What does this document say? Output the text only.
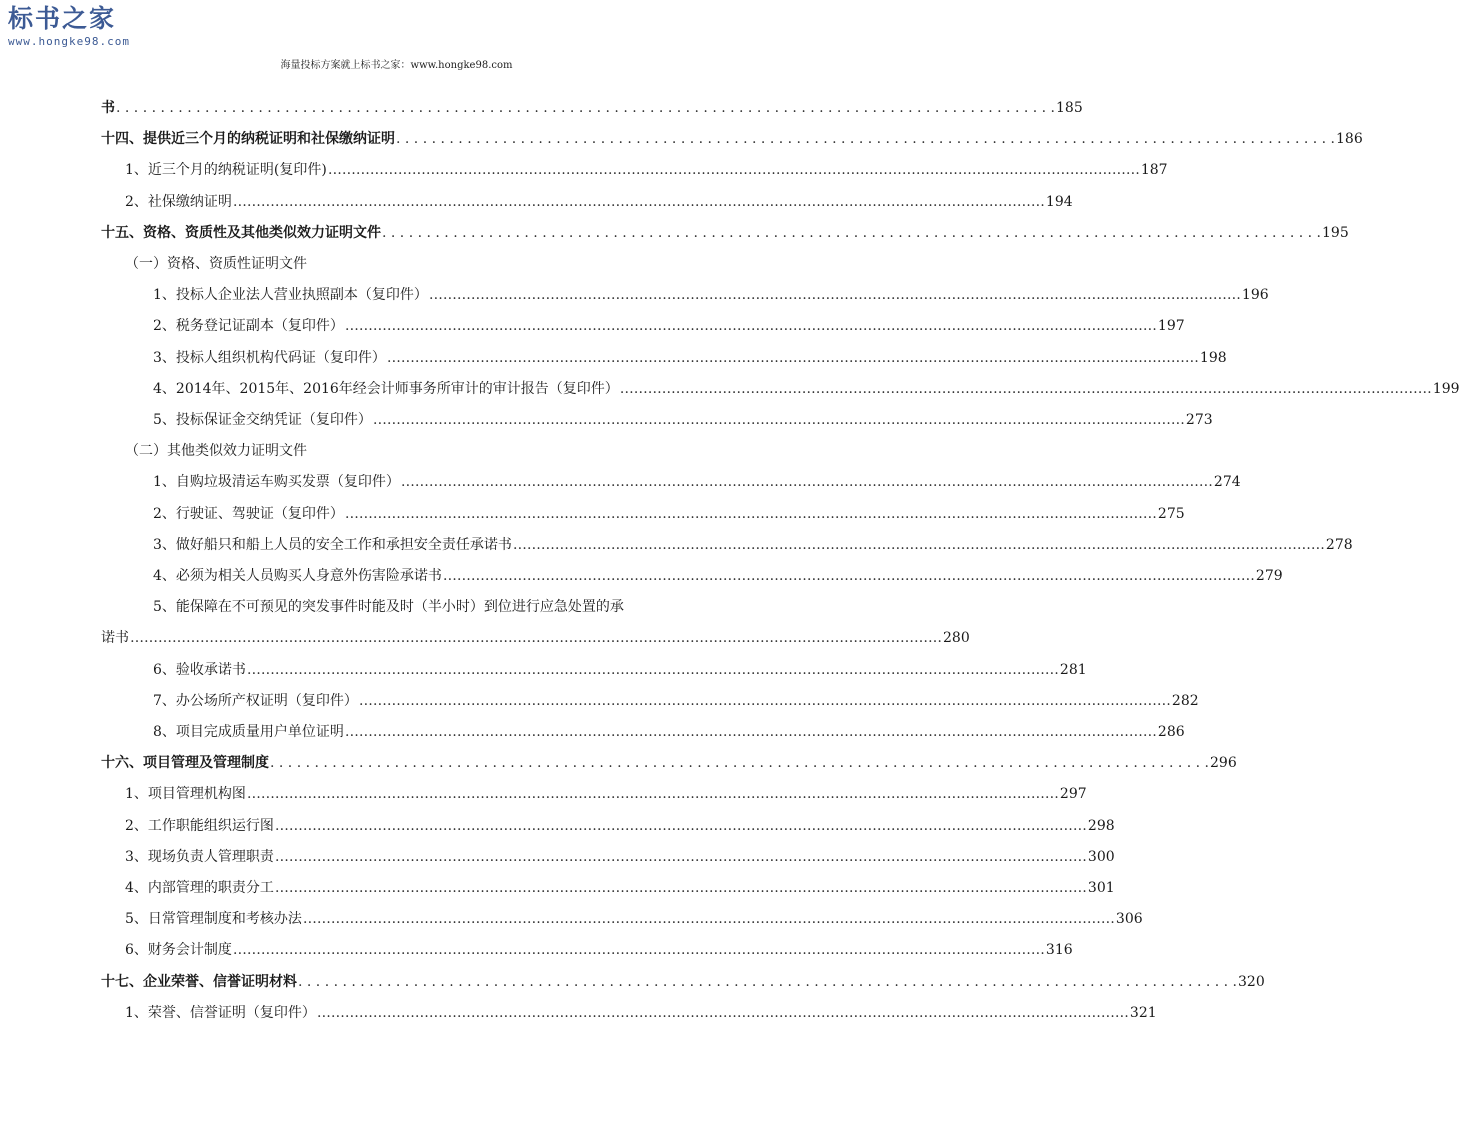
标书之家
www.hongke98.com
海量投标方案就上标书之家：www.hongke98.com
书 . . . . . . . . . . . . . . . . . . . . . . . . . . . . . . . . . . . . . . . . . . . . . . . . . . . . . . . . . . . . . . . . . . . . . . . . . . . . . . . . . . . . . . . . . . . . . . . . . . . . . . . . . . 185
十四、提供近三个月的纳税证明和社保缴纳证明 . . . . . . . . . . . . . . . . . . . . . . . . . . . . . . . . . . . . . . . . . . . . . . . . . . . . . . . . . . . . . . . . . . . . . . . . . . . . . . . . . . . . . . . . . . . . . . . . . . . . . . . . . . 186
1、近三个月的纳税证明(复印件) ………………………………………………………………………………………………………………………………………………………… 187
2、社保缴纳证明 ………………………………………………………………………………………………………………………………………………………… 194
十五、资格、资质性及其他类似效力证明文件 . . . . . . . . . . . . . . . . . . . . . . . . . . . . . . . . . . . . . . . . . . . . . . . . . . . . . . . . . . . . . . . . . . . . . . . . . . . . . . . . . . . . . . . . . . . . . . . . . . . . . . . . . . 195
（一）资格、资质性证明文件
1、投标人企业法人营业执照副本（复印件） ………………………………………………………………………………………………………………………………………………………… 196
2、税务登记证副本（复印件） ………………………………………………………………………………………………………………………………………………………… 197
3、投标人组织机构代码证（复印件） ………………………………………………………………………………………………………………………………………………………… 198
4、2014年、2015年、2016年经会计师事务所审计的审计报告（复印件） ………………………………………………………………………………………………………………………………………………………… 199
5、投标保证金交纳凭证（复印件） ………………………………………………………………………………………………………………………………………………………… 273
（二）其他类似效力证明文件
1、自购垃圾清运车购买发票（复印件） ………………………………………………………………………………………………………………………………………………………… 274
2、行驶证、驾驶证（复印件） ………………………………………………………………………………………………………………………………………………………… 275
3、做好船只和船上人员的安全工作和承担安全责任承诺书 ………………………………………………………………………………………………………………………………………………………… 278
4、必须为相关人员购买人身意外伤害险承诺书 ………………………………………………………………………………………………………………………………………………………… 279
5、能保障在不可预见的突发事件时能及时（半小时）到位进行应急处置的承
诺书 ………………………………………………………………………………………………………………………………………………………… 280
6、验收承诺书 ………………………………………………………………………………………………………………………………………………………… 281
7、办公场所产权证明（复印件） ………………………………………………………………………………………………………………………………………………………… 282
8、项目完成质量用户单位证明 ………………………………………………………………………………………………………………………………………………………… 286
十六、项目管理及管理制度 . . . . . . . . . . . . . . . . . . . . . . . . . . . . . . . . . . . . . . . . . . . . . . . . . . . . . . . . . . . . . . . . . . . . . . . . . . . . . . . . . . . . . . . . . . . . . . . . . . . . . . . . . . 296
1、项目管理机构图 ………………………………………………………………………………………………………………………………………………………… 297
2、工作职能组织运行图 ………………………………………………………………………………………………………………………………………………………… 298
3、现场负责人管理职责 ………………………………………………………………………………………………………………………………………………………… 300
4、内部管理的职责分工 ………………………………………………………………………………………………………………………………………………………… 301
5、日常管理制度和考核办法 ………………………………………………………………………………………………………………………………………………………… 306
6、财务会计制度 ………………………………………………………………………………………………………………………………………………………… 316
十七、企业荣誉、信誉证明材料 . . . . . . . . . . . . . . . . . . . . . . . . . . . . . . . . . . . . . . . . . . . . . . . . . . . . . . . . . . . . . . . . . . . . . . . . . . . . . . . . . . . . . . . . . . . . . . . . . . . . . . . . . . 320
1、荣誉、信誉证明（复印件） ………………………………………………………………………………………………………………………………………………………… 321
